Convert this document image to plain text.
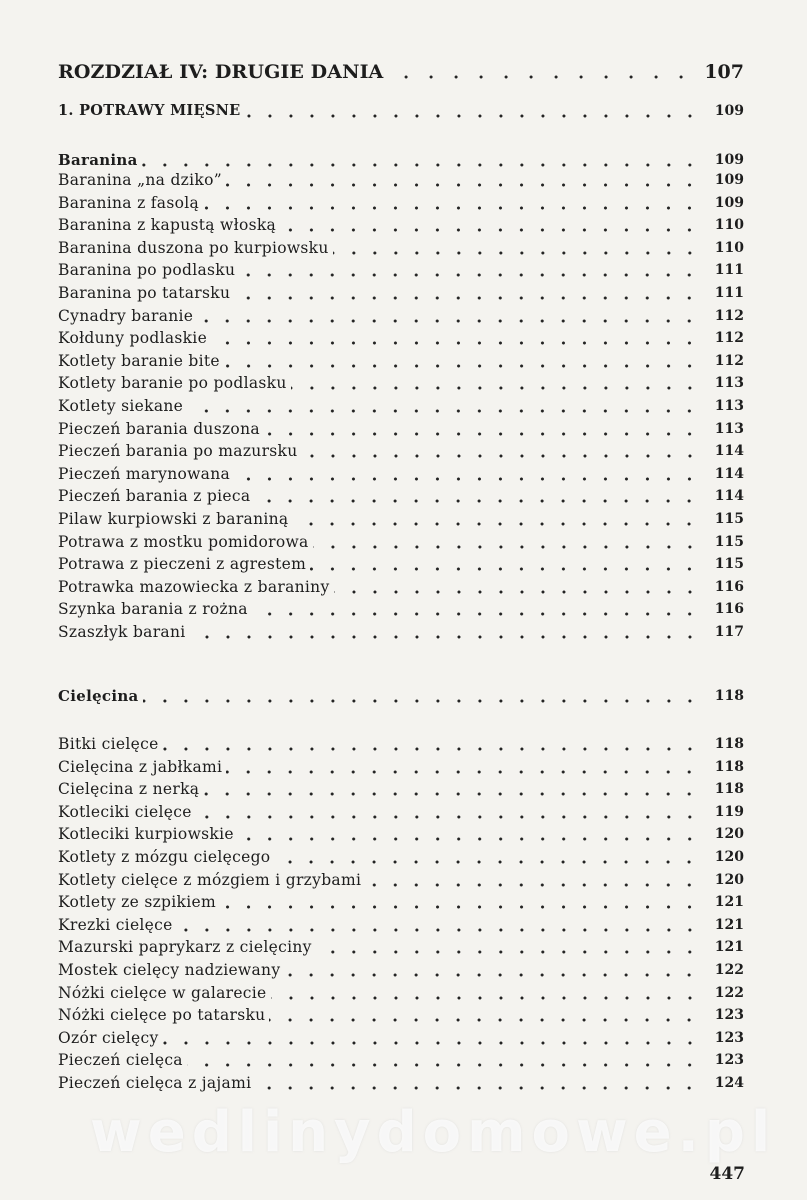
ROZDZIAŁ IV: DRUGIE DANIA	107
1. POTRAWY MIĘSNE	109
Baranina	109
Baranina „na dziko”	109
Baranina z fasolą	109
Baranina z kapustą włoską	110
Baranina duszona po kurpiowsku	110
Baranina po podlasku	111
Baranina po tatarsku	111
Cynadry baranie	112
Kołduny podlaskie	112
Kotlety baranie bite	112
Kotlety baranie po podlasku	113
Kotlety siekane	113
Pieczeń barania duszona	113
Pieczeń barania po mazursku	114
Pieczeń marynowana	114
Pieczeń barania z pieca	114
Pilaw kurpiowski z baraniną	115
Potrawa z mostku pomidorowa	115
Potrawa z pieczeni z agrestem	115
Potrawka mazowiecka z baraniny	116
Szynka barania z rożna	116
Szaszłyk barani	117
Cielęcina	118
Bitki cielęce	118
Cielęcina z jabłkami	118
Cielęcina z nerką	118
Kotleciki cielęce	119
Kotleciki kurpiowskie	120
Kotlety z mózgu cielęcego	120
Kotlety cielęce z mózgiem i grzybami	120
Kotlety ze szpikiem	121
Krezki cielęce	121
Mazurski paprykarz z cielęciny	121
Mostek cielęcy nadziewany	122
Nóżki cielęce w galarecie	122
Nóżki cielęce po tatarsku	123
Ozór cielęcy	123
Pieczeń cielęca	123
Pieczeń cielęca z jajami	124
wedlinydomowe.pl
447
